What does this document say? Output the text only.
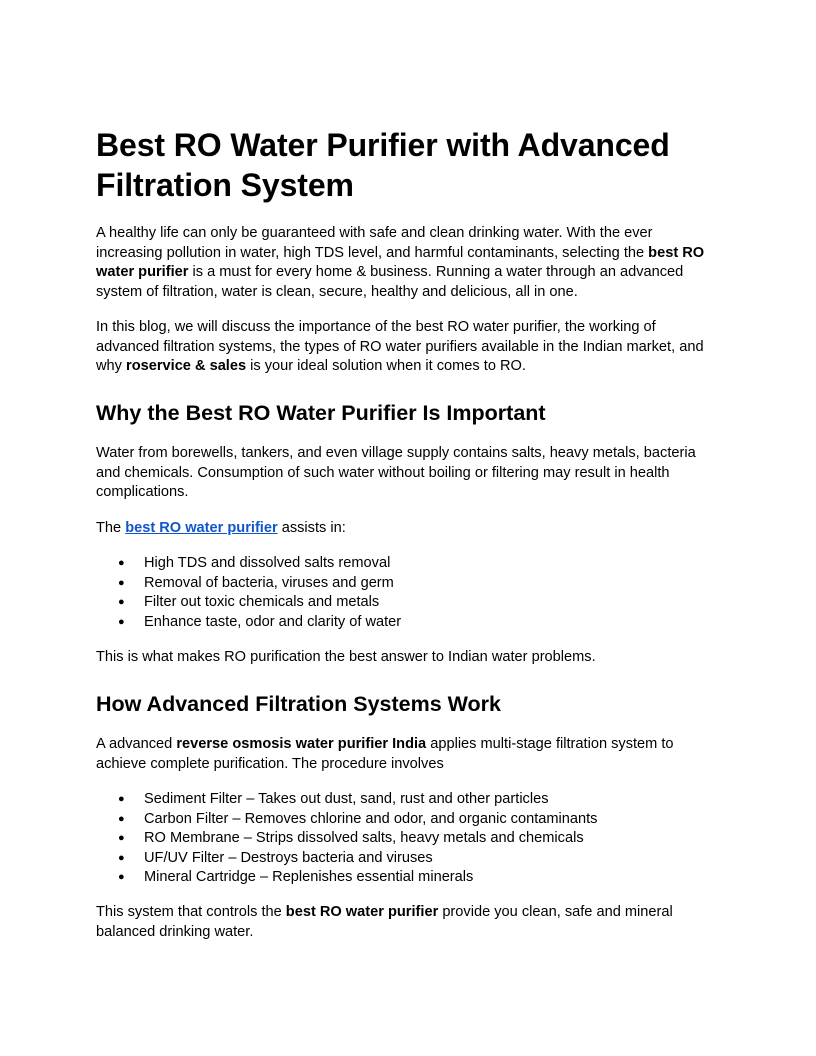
Best RO Water Purifier with Advanced Filtration System

A healthy life can only be guaranteed with safe and clean drinking water. With the ever increasing pollution in water, high TDS level, and harmful contaminants, selecting the best RO water purifier is a must for every home & business. Running a water through an advanced system of filtration, water is clean, secure, healthy and delicious, all in one.

In this blog, we will discuss the importance of the best RO water purifier, the working of advanced filtration systems, the types of RO water purifiers available in the Indian market, and why roservice & sales is your ideal solution when it comes to RO.

Why the Best RO Water Purifier Is Important

Water from borewells, tankers, and even village supply contains salts, heavy metals, bacteria and chemicals. Consumption of such water without boiling or filtering may result in health complications.

The best RO water purifier assists in:

● High TDS and dissolved salts removal
● Removal of bacteria, viruses and germ
● Filter out toxic chemicals and metals
● Enhance taste, odor and clarity of water

This is what makes RO purification the best answer to Indian water problems.

How Advanced Filtration Systems Work

A advanced reverse osmosis water purifier India applies multi-stage filtration system to achieve complete purification. The procedure involves

● Sediment Filter – Takes out dust, sand, rust and other particles
● Carbon Filter – Removes chlorine and odor, and organic contaminants
● RO Membrane – Strips dissolved salts, heavy metals and chemicals
● UF/UV Filter – Destroys bacteria and viruses
● Mineral Cartridge – Replenishes essential minerals

This system that controls the best RO water purifier provide you clean, safe and mineral balanced drinking water.
